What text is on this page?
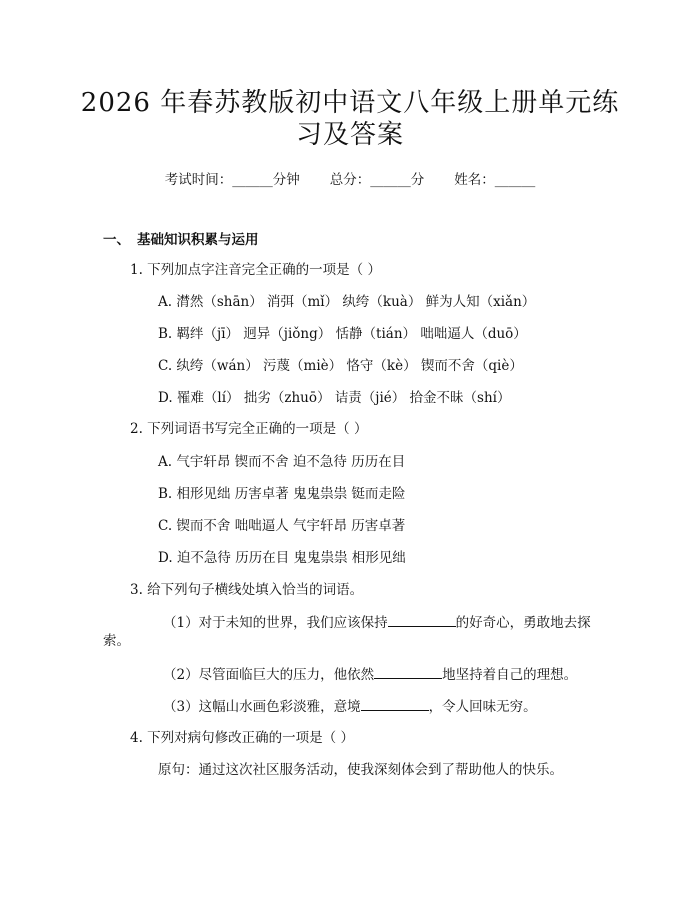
2026 年春苏教版初中语文八年级上册单元练
习及答案
考试时间：______分钟 总分：______分 姓名：______
一、 基础知识积累与运用
1. 下列加点字注音完全正确的一项是（ ）
A. 潸然（shān） 消弭（mǐ） 纨绔（kuà） 鲜为人知（xiǎn）
B. 羁绊（jī） 迥异（jiǒng） 恬静（tián） 咄咄逼人（duō）
C. 纨绔（wán） 污蔑（miè） 恪守（kè） 锲而不舍（qiè）
D. 罹难（lí） 拙劣（zhuō） 诘责（jié） 拾金不昧（shí）
2. 下列词语书写完全正确的一项是（ ）
A. 气宇轩昂 锲而不舍 迫不急待 历历在目
B. 相形见绌 历害卓著 鬼鬼祟祟 铤而走险
C. 锲而不舍 咄咄逼人 气宇轩昂 历害卓著
D. 迫不急待 历历在目 鬼鬼祟祟 相形见绌
3. 给下列句子横线处填入恰当的词语。
（1）对于未知的世界，我们应该保持	的好奇心，勇敢地去探
索。
（2）尽管面临巨大的压力，他依然	地坚持着自己的理想。
（3）这幅山水画色彩淡雅，意境	，令人回味无穷。
4. 下列对病句修改正确的一项是（ ）
原句：通过这次社区服务活动，使我深刻体会到了帮助他人的快乐。
